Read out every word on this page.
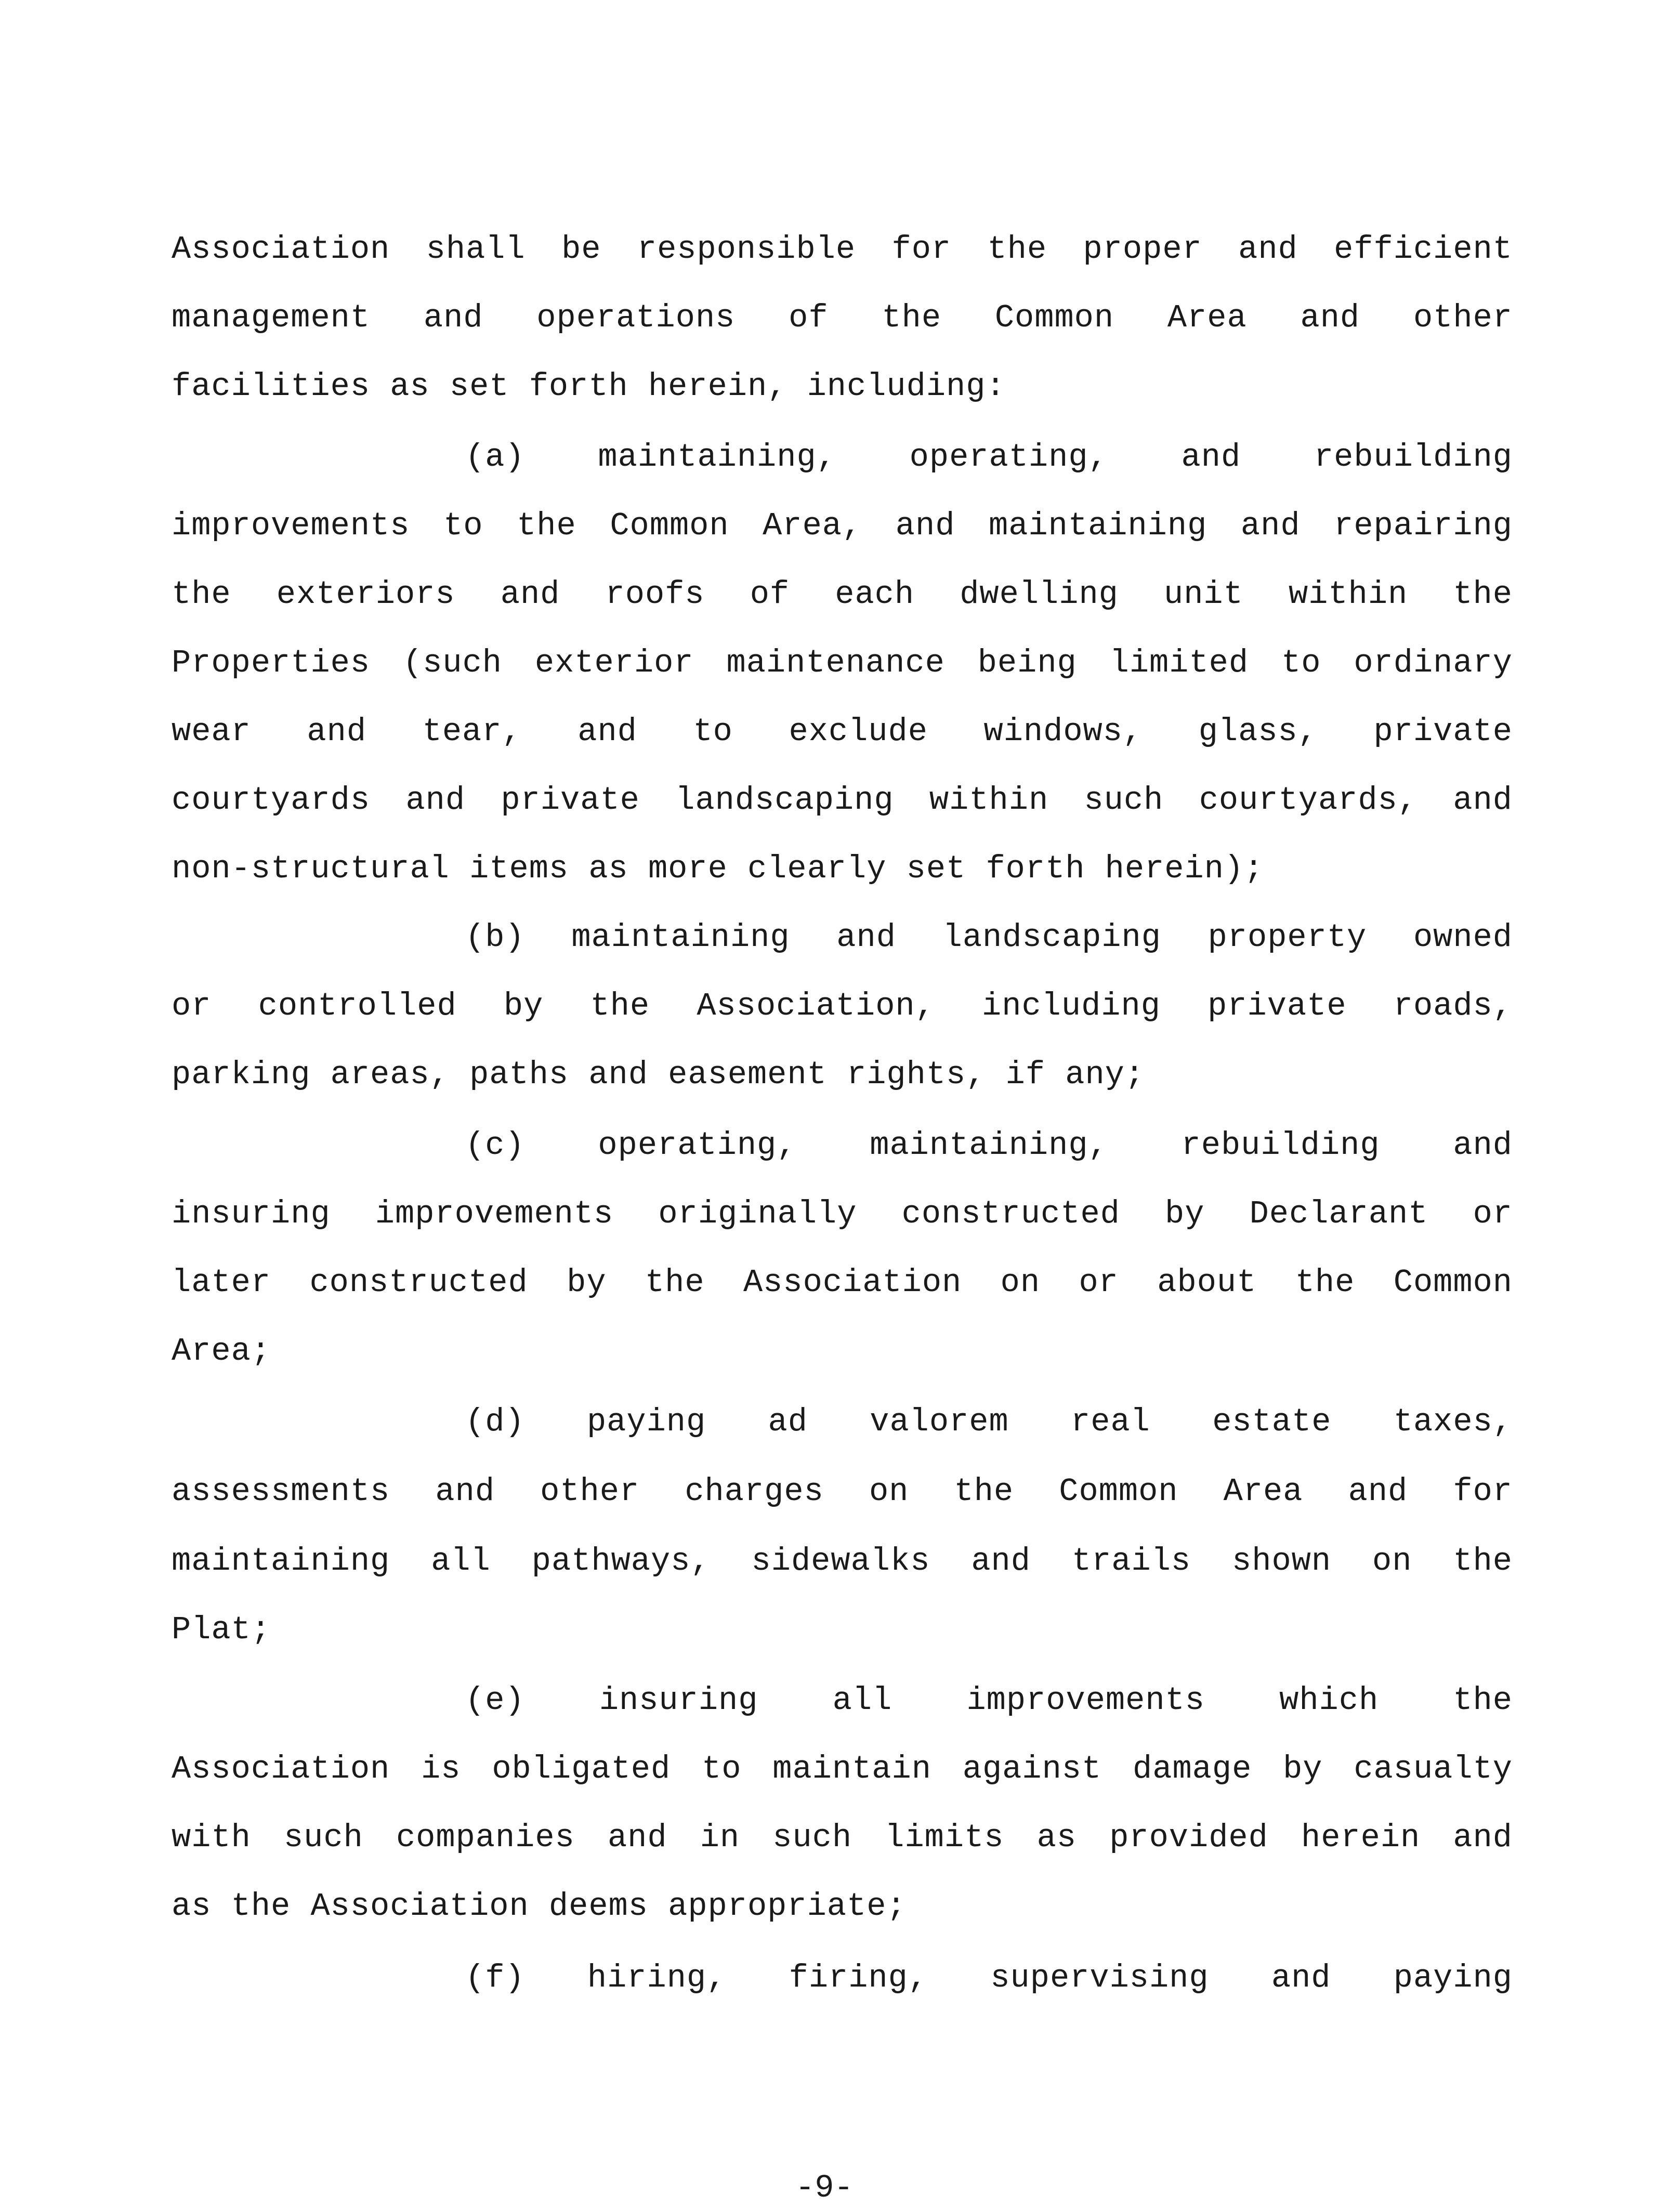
Association shall be responsible for the proper and efficient
management and operations of the Common Area and other
facilities as set forth herein, including:
(a) maintaining, operating, and rebuilding
improvements to the Common Area, and maintaining and repairing
the exteriors and roofs of each dwelling unit within the
Properties (such exterior maintenance being limited to ordinary
wear and tear, and to exclude windows, glass, private
courtyards and private landscaping within such courtyards, and
non-structural items as more clearly set forth herein);
(b) maintaining and landscaping property owned
or controlled by the Association, including private roads,
parking areas, paths and easement rights, if any;
(c) operating, maintaining, rebuilding and
insuring improvements originally constructed by Declarant or
later constructed by the Association on or about the Common
Area;
(d) paying ad valorem real estate taxes,
assessments and other charges on the Common Area and for
maintaining all pathways, sidewalks and trails shown on the
Plat;
(e) insuring all improvements which the
Association is obligated to maintain against damage by casualty
with such companies and in such limits as provided herein and
as the Association deems appropriate;
(f) hiring, firing, supervising and paying
-9-
